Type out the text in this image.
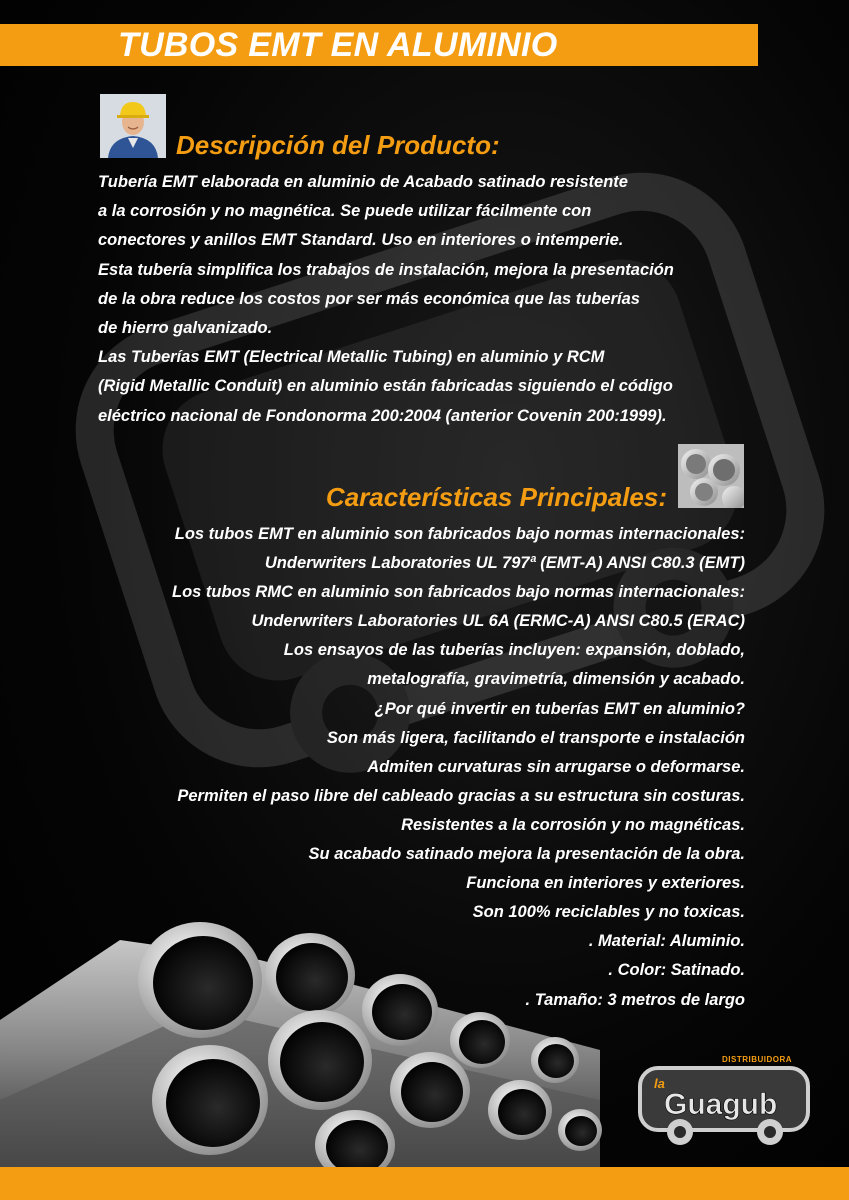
TUBOS EMT EN ALUMINIO
Descripción del Producto:
Tubería EMT elaborada en aluminio de Acabado satinado resistente
a la corrosión y no magnética. Se puede utilizar fácilmente con
conectores y anillos EMT Standard. Uso en interiores o intemperie.
Esta tubería simplifica los trabajos de instalación, mejora la presentación
de la obra reduce los costos por ser más económica que las tuberías
de hierro galvanizado.
Las Tuberías EMT (Electrical Metallic Tubing) en aluminio y RCM
(Rigid Metallic Conduit) en aluminio están fabricadas siguiendo el código
eléctrico nacional de Fondonorma 200:2004 (anterior Covenin 200:1999).
Características Principales:
Los tubos EMT en aluminio son fabricados bajo normas internacionales:
Underwriters Laboratories UL 797ª (EMT-A) ANSI C80.3 (EMT)
Los tubos RMC en aluminio son fabricados bajo normas internacionales:
Underwriters Laboratories UL 6A (ERMC-A) ANSI C80.5 (ERAC)
Los ensayos de las tuberías incluyen: expansión, doblado,
metalografía, gravimetría, dimensión y acabado.
¿Por qué invertir en tuberías EMT en aluminio?
Son más ligera, facilitando el transporte e instalación
Admiten curvaturas sin arrugarse o deformarse.
Permiten el paso libre del cableado gracias a su estructura sin costuras.
Resistentes a la corrosión y no magnéticas.
Su acabado satinado mejora la presentación de la obra.
Funciona en interiores y exteriores.
Son 100% reciclables y no toxicas.
. Material: Aluminio.
. Color: Satinado.
. Tamaño: 3 metros de largo
DISTRIBUIDORA
la
Guagub
